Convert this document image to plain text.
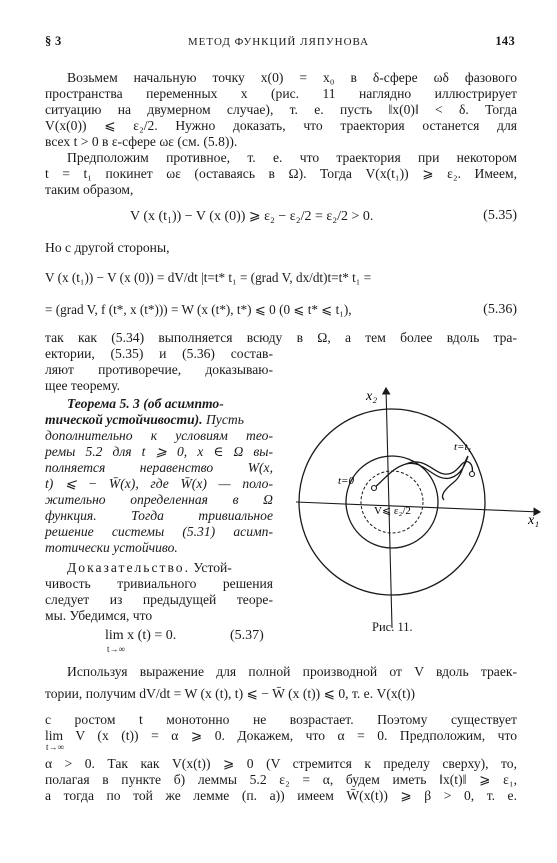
§ 3	МЕТОД ФУНКЦИЙ ЛЯПУНОВА	143
Возьмем начальную точку x(0) = x₀ в δ-сфере ωδ фазового
пространства переменных x (рис. 11 наглядно иллюстрирует
ситуацию на двумерном случае), т. е. пусть ‖x(0)‖ < δ. Тогда
V(x(0)) ⩽ ε₂/2. Нужно доказать, что траектория останется для
всех t > 0 в ε-сфере ωε (см. (5.8)).
Предположим противное, т. е. что траектория при некотором
t = t₁ покинет ωε (оставаясь в Ω). Тогда V(x(t₁)) ⩾ ε₂. Имеем,
таким образом,
V (x (t₁)) − V (x (0)) ⩾ ε₂ − ε₂/2 = ε₂/2 > 0.	(5.35)
Но с другой стороны,
V (x (t₁)) − V (x (0)) = dV/dt |t=t* t₁ = (grad V, dx/dt)t=t* t₁ =
= (grad V, f (t*, x (t*))) = W (x (t*), t*) ⩽ 0 (0 ⩽ t* ⩽ t₁),	(5.36)
так как (5.34) выполняется всюду в Ω, а тем более вдоль тра-
ектории, (5.35) и (5.36) состав-
ляют противоречие, доказываю-
щее теорему.
Теорема 5. 3 (об асимпто-
тической устойчивости). Пусть
дополнительно к условиям тео-
ремы 5.2 для t ⩾ 0, x ∈ Ω вы-
полняется неравенство W(x,
t) ⩽ − W̄(x), где W̄(x) — поло-
жительно определенная в Ω
функция. Тогда тривиальное
решение системы (5.31) асимп-
тотически устойчиво.
Доказательство. Устой-
чивость тривиального решения
следует из предыдущей теоре-
мы. Убедимся, что
lim x (t) = 0.
t→∞
(5.37)
x₂
x₁
t=0
t=t₁
V⩽ ε₂/2
Рис. 11.
Используя выражение для полной производной от V вдоль траек-
тории, получим dV/dt = W (x (t), t) ⩽ − W̄ (x (t)) ⩽ 0, т. е. V(x(t))
с ростом t монотонно не возрастает. Поэтому существует
lim V (x (t)) = α ⩾ 0. Докажем, что α = 0. Предположим, что
t→∞
α > 0. Так как V(x(t)) ⩾ 0 (V стремится к пределу сверху), то,
полагая в пункте б) леммы 5.2 ε₂ = α, будем иметь ‖x(t)‖ ⩾ ε₁,
а тогда по той же лемме (п. а)) имеем W̄(x(t)) ⩾ β > 0, т. е.
